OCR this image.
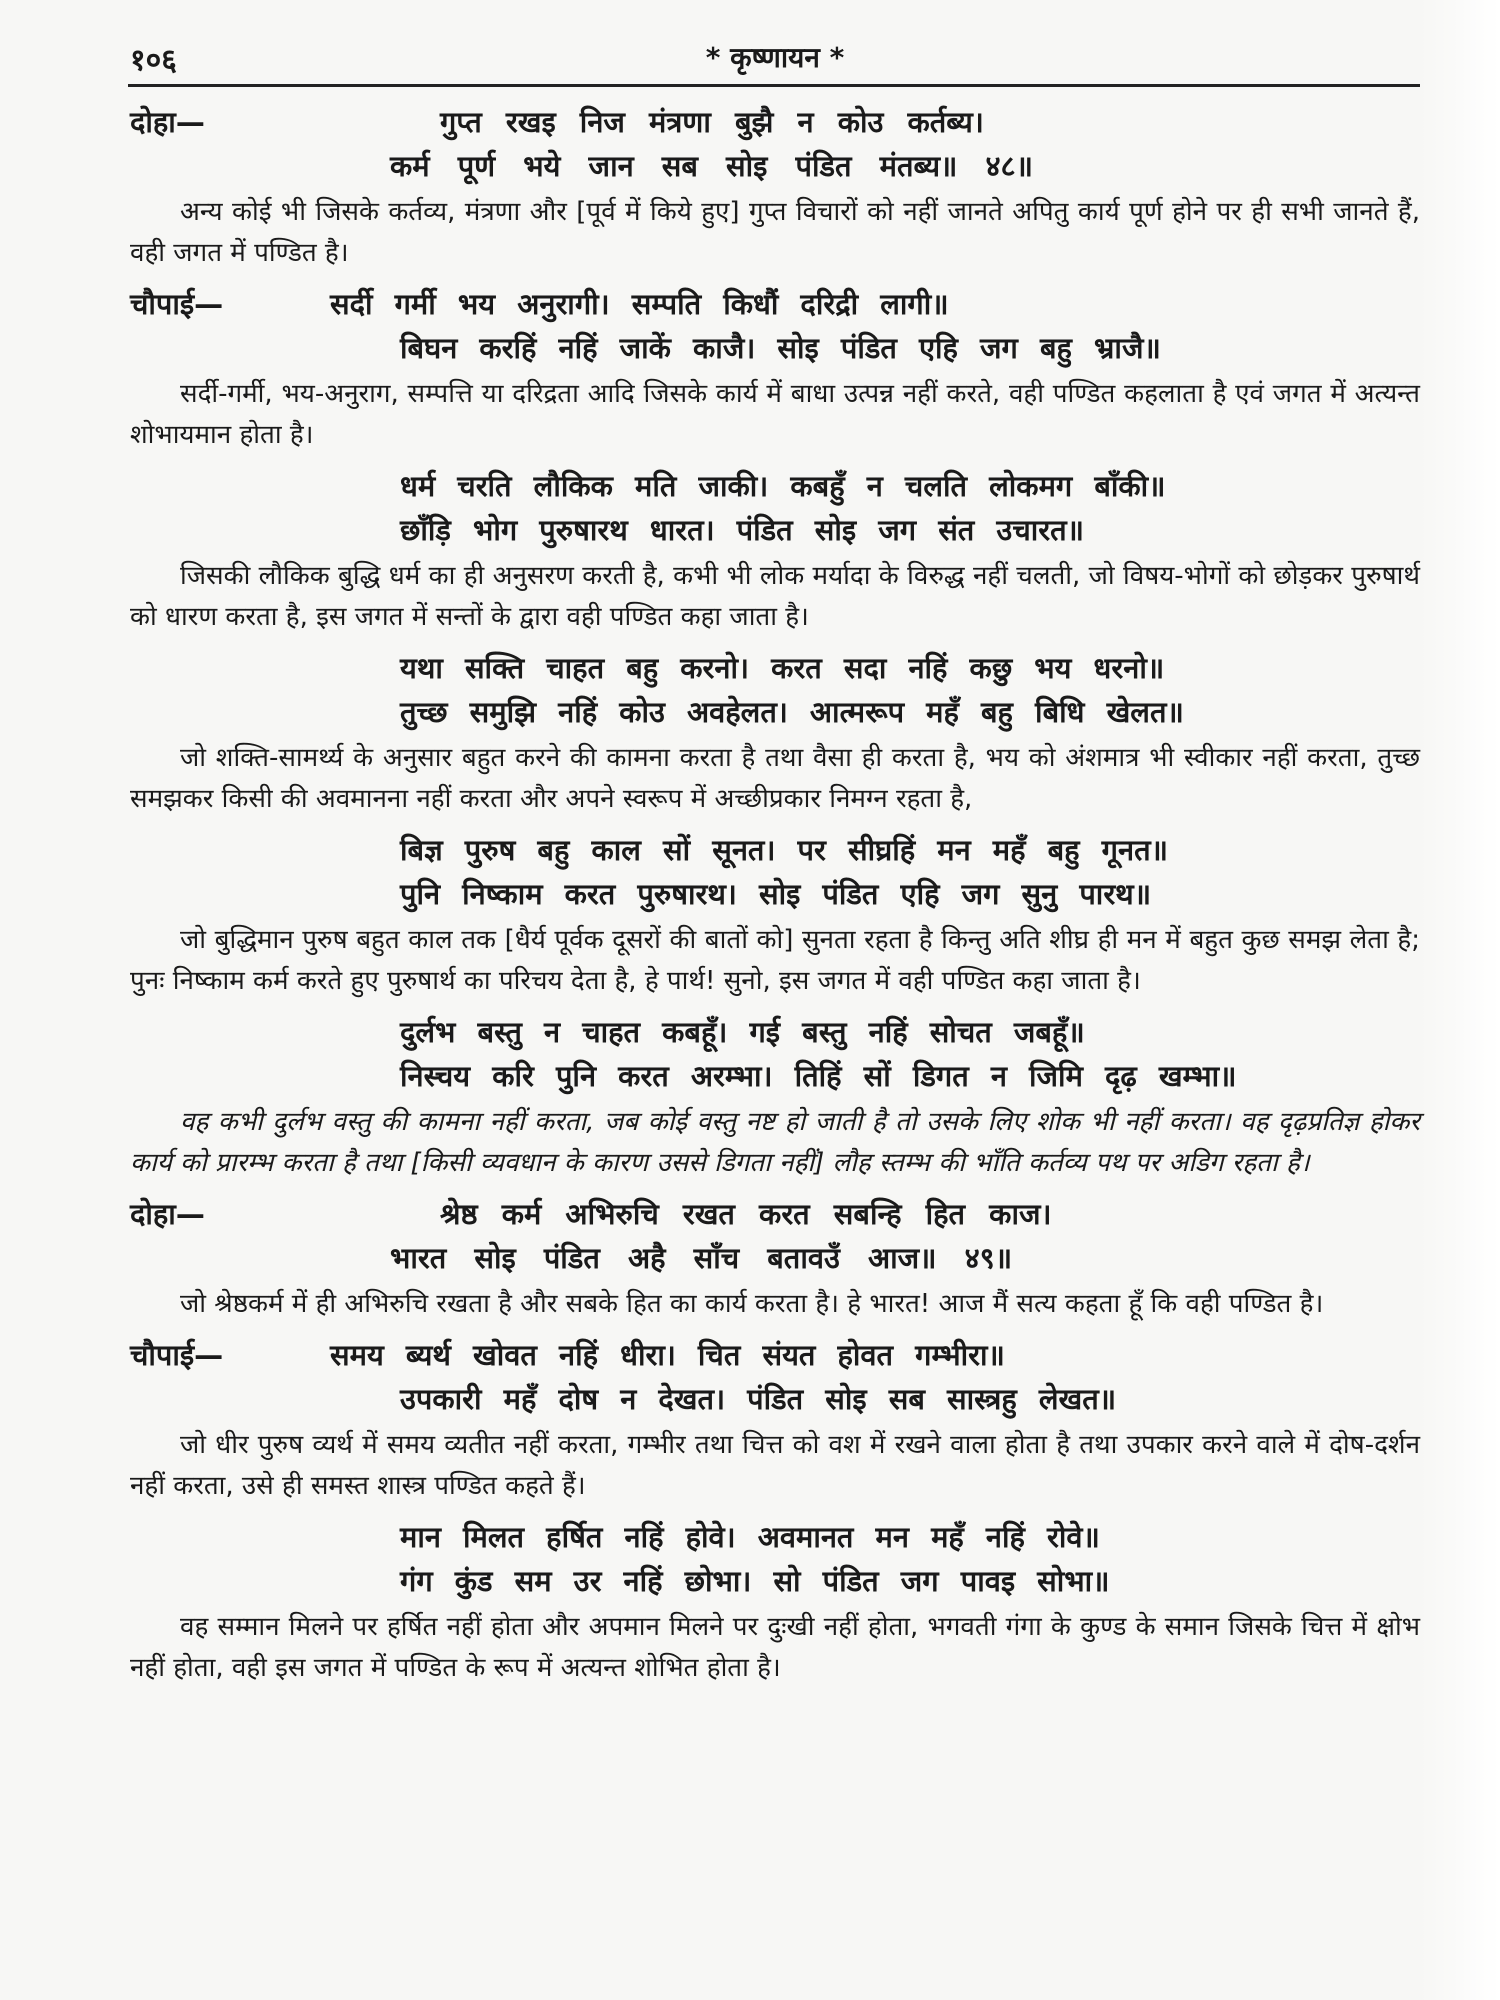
१०६	* कृष्णायन *
दोहा—	गुप्त रखइ निज मंत्रणा बुझै न कोउ कर्तब्य।
कर्म पूर्ण भये जान सब सोइ पंडित मंतब्य॥ ४८॥

अन्य कोई भी जिसके कर्तव्य, मंत्रणा और [पूर्व में किये हुए] गुप्त विचारों को नहीं जानते अपितु कार्य पूर्ण होने पर ही सभी जानते हैं, वही जगत में पण्डित है।

चौपाई—	सर्दी गर्मी भय अनुरागी। सम्पति किधौं दरिद्री लागी॥
बिघन करहिं नहिं जाकें काजै। सोइ पंडित एहि जग बहु भ्राजै॥

सर्दी-गर्मी, भय-अनुराग, सम्पत्ति या दरिद्रता आदि जिसके कार्य में बाधा उत्पन्न नहीं करते, वही पण्डित कहलाता है एवं जगत में अत्यन्त शोभायमान होता है।

धर्म चरति लौकिक मति जाकी। कबहुँ न चलति लोकमग बाँकी॥
छाँड़ि भोग पुरुषारथ धारत। पंडित सोइ जग संत उचारत॥

जिसकी लौकिक बुद्धि धर्म का ही अनुसरण करती है, कभी भी लोक मर्यादा के विरुद्ध नहीं चलती, जो विषय-भोगों को छोड़कर पुरुषार्थ को धारण करता है, इस जगत में सन्तों के द्वारा वही पण्डित कहा जाता है।

यथा सक्ति चाहत बहु करनो। करत सदा नहिं कछु भय धरनो॥
तुच्छ समुझि नहिं कोउ अवहेलत। आत्मरूप महँ बहु बिधि खेलत॥

जो शक्ति-सामर्थ्य के अनुसार बहुत करने की कामना करता है तथा वैसा ही करता है, भय को अंशमात्र भी स्वीकार नहीं करता, तुच्छ समझकर किसी की अवमानना नहीं करता और अपने स्वरूप में अच्छीप्रकार निमग्न रहता है,

बिज्ञ पुरुष बहु काल सों सूनत। पर सीघ्रहिं मन महँ बहु गूनत॥
पुनि निष्काम करत पुरुषारथ। सोइ पंडित एहि जग सुनु पारथ॥

जो बुद्धिमान पुरुष बहुत काल तक [धैर्य पूर्वक दूसरों की बातों को] सुनता रहता है किन्तु अति शीघ्र ही मन में बहुत कुछ समझ लेता है; पुनः निष्काम कर्म करते हुए पुरुषार्थ का परिचय देता है, हे पार्थ! सुनो, इस जगत में वही पण्डित कहा जाता है।

दुर्लभ बस्तु न चाहत कबहूँ। गई बस्तु नहिं सोचत जबहूँ॥
निस्चय करि पुनि करत अरम्भा। तिहिं सों डिगत न जिमि दृढ़ खम्भा॥

वह कभी दुर्लभ वस्तु की कामना नहीं करता, जब कोई वस्तु नष्ट हो जाती है तो उसके लिए शोक भी नहीं करता। वह दृढ़प्रतिज्ञ होकर कार्य को प्रारम्भ करता है तथा [किसी व्यवधान के कारण उससे डिगता नहीं] लौह स्तम्भ की भाँति कर्तव्य पथ पर अडिग रहता है।

दोहा—	श्रेष्ठ कर्म अभिरुचि रखत करत सबन्हि हित काज।
भारत सोइ पंडित अहै साँच बतावउँ आज॥ ४९॥

जो श्रेष्ठकर्म में ही अभिरुचि रखता है और सबके हित का कार्य करता है। हे भारत! आज मैं सत्य कहता हूँ कि वही पण्डित है।

चौपाई—	समय ब्यर्थ खोवत नहिं धीरा। चित संयत होवत गम्भीरा॥
उपकारी महँ दोष न देखत। पंडित सोइ सब सास्त्रहु लेखत॥

जो धीर पुरुष व्यर्थ में समय व्यतीत नहीं करता, गम्भीर तथा चित्त को वश में रखने वाला होता है तथा उपकार करने वाले में दोष-दर्शन नहीं करता, उसे ही समस्त शास्त्र पण्डित कहते हैं।

मान मिलत हर्षित नहिं होवे। अवमानत मन महँ नहिं रोवे॥
गंग कुंड सम उर नहिं छोभा। सो पंडित जग पावइ सोभा॥

वह सम्मान मिलने पर हर्षित नहीं होता और अपमान मिलने पर दुःखी नहीं होता, भगवती गंगा के कुण्ड के समान जिसके चित्त में क्षोभ नहीं होता, वही इस जगत में पण्डित के रूप में अत्यन्त शोभित होता है।
